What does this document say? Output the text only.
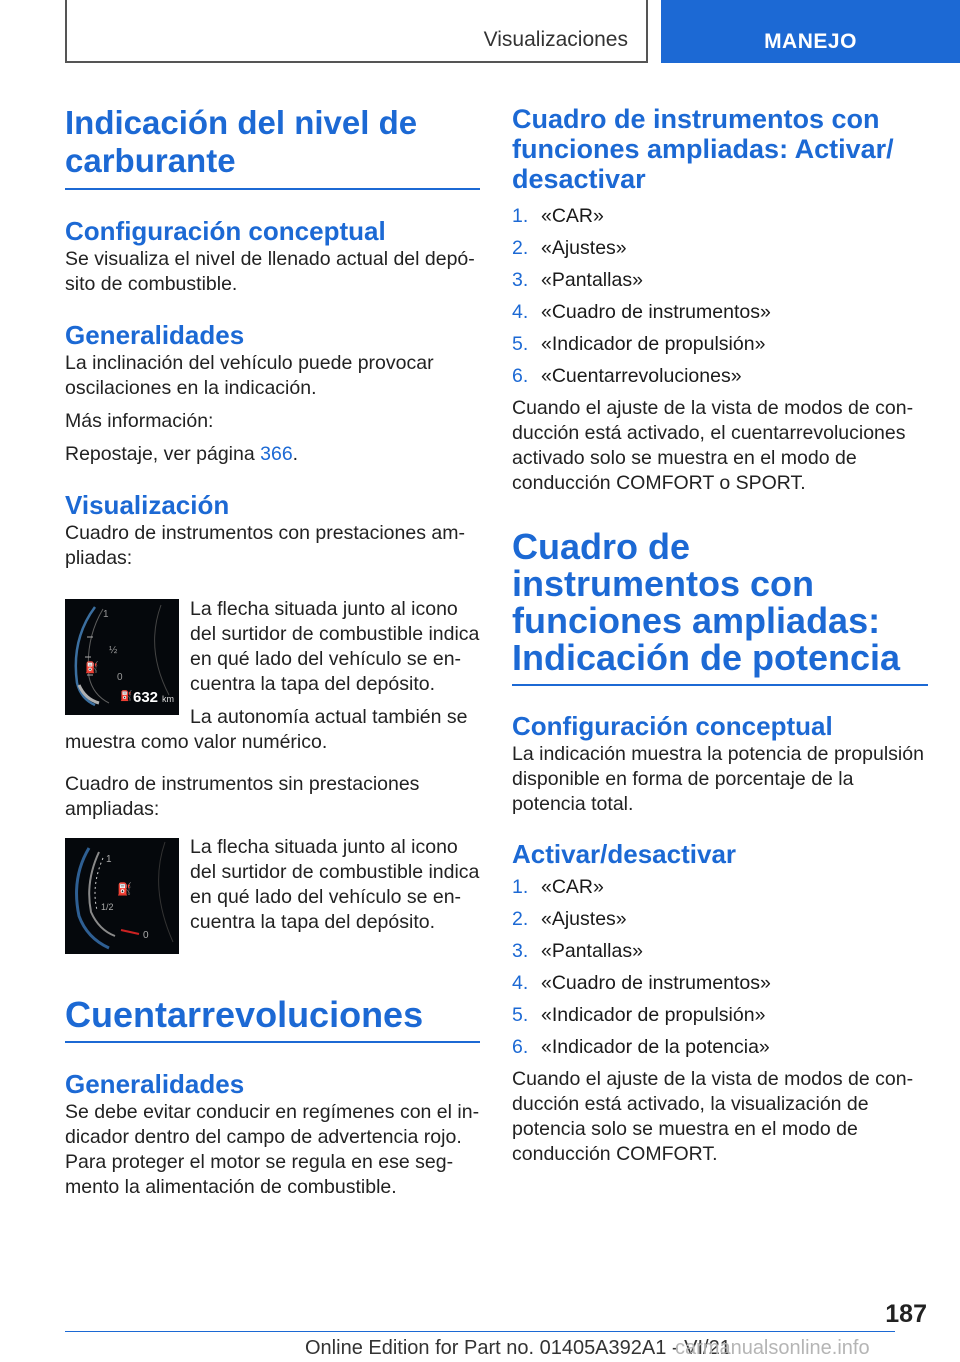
Visualizaciones	MANEJO
Indicación del nivel de carburante
Configuración conceptual

Se visualiza el nivel de llenado actual del depósito de combustible.

Generalidades

La inclinación del vehículo puede provocar oscilaciones en la indicación.

Más información:

Repostaje, ver página 366.

Visualización

Cuadro de instrumentos con prestaciones ampliadas:

⛽
1
½
0
⛽ 632 km

La flecha situada junto al icono del surtidor de combustible indica en qué lado del vehículo se encuentra la tapa del depósito.

La autonomía actual también se muestra como valor numérico.

Cuadro de instrumentos sin prestaciones ampliadas:

1
⛽
1/2
0

La flecha situada junto al icono del surtidor de combustible indica en qué lado del vehículo se encuentra la tapa del depósito.

Cuentarrevoluciones
Generalidades

Se debe evitar conducir en regímenes con el indicador dentro del campo de advertencia rojo. Para proteger el motor se regula en ese segmento la alimentación de combustible.

Cuadro de instrumentos con funciones ampliadas: Activar/ desactivar
1. «CAR»
2. «Ajustes»
3. «Pantallas»
4. «Cuadro de instrumentos»
5. «Indicador de propulsión»
6. «Cuentarrevoluciones»

Cuando el ajuste de la vista de modos de conducción está activado, el cuentarrevoluciones activado solo se muestra en el modo de conducción COMFORT o SPORT.

Cuadro de instrumentos con funciones ampliadas: Indicación de potencia
Configuración conceptual

La indicación muestra la potencia de propulsión disponible en forma de porcentaje de la potencia total.

Activar/desactivar
1. «CAR»
2. «Ajustes»
3. «Pantallas»
4. «Cuadro de instrumentos»
5. «Indicador de propulsión»
6. «Indicador de la potencia»

Cuando el ajuste de la vista de modos de conducción está activado, la visualización de potencia solo se muestra en el modo de conducción COMFORT.

187
Online Edition for Part no. 01405A392A1 - VI/21
carmanualsonline.info
